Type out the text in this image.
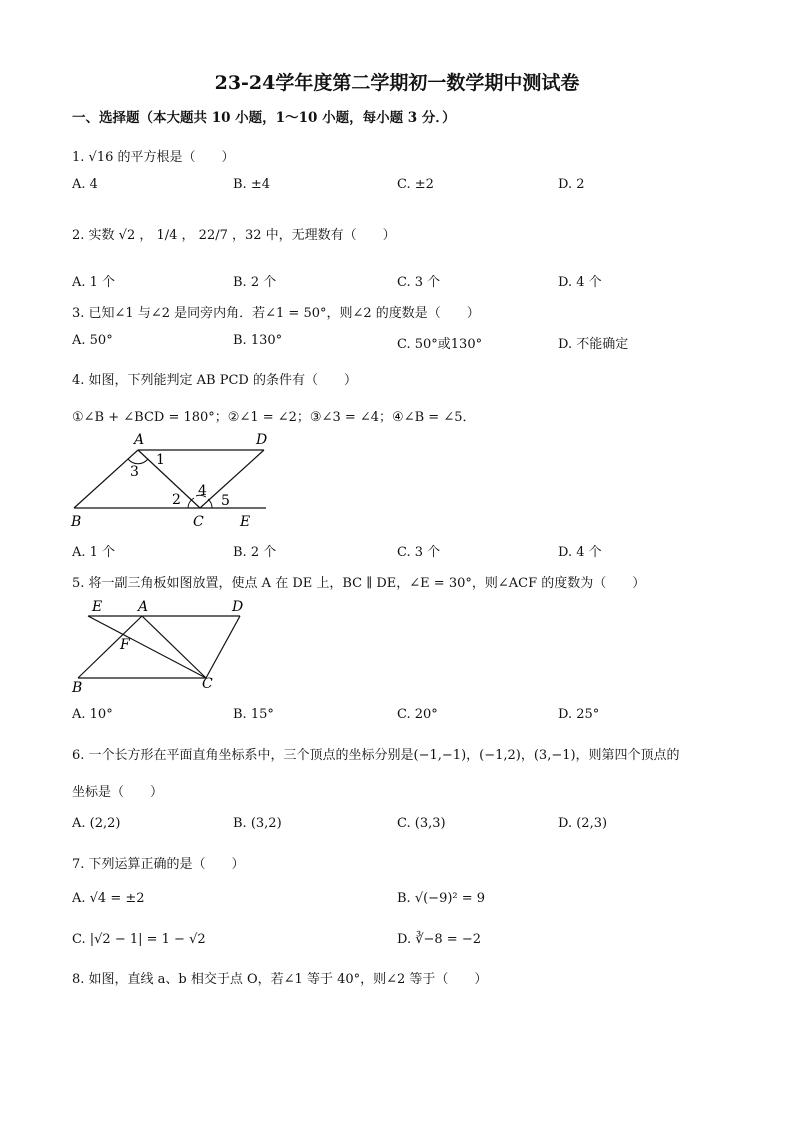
23-24学年度第二学期初一数学期中测试卷
一、选择题（本大题共 10 小题，1～10 小题，每小题 3 分．）
1. √16 的平方根是（　　）
A. 4	B. ±4	C. ±2	D. 2
2. 实数 √2 ， 1/4 ， 22/7 ，32 中，无理数有（　　）
A. 1 个	B. 2 个	C. 3 个	D. 4 个
3. 已知∠1 与∠2 是同旁内角．若∠1 = 50°，则∠2 的度数是（　　）
A. 50°	B. 130°	C. 50°或130°	D. 不能确定
4. 如图，下列能判定 AB PCD 的条件有（　　）
①∠B + ∠BCD = 180°；②∠1 = ∠2；③∠3 = ∠4；④∠B = ∠5．
A	D
1
3
2
4
5
B	C	E
A. 1 个	B. 2 个	C. 3 个	D. 4 个
5. 将一副三角板如图放置，使点 A 在 DE 上，BC ∥ DE，∠E = 30°，则∠ACF 的度数为（　　）
E	A	D
F
B	C
A. 10°	B. 15°	C. 20°	D. 25°
6. 一个长方形在平面直角坐标系中，三个顶点的坐标分别是(−1,−1)，(−1,2)，(3,−1)，则第四个顶点的
坐标是（　　）
A. (2,2)	B. (3,2)	C. (3,3)	D. (2,3)
7. 下列运算正确的是（　　）
A. √4 = ±2	B. √(−9)² = 9
C. |√2 − 1| = 1 − √2	D. ∛−8 = −2
8. 如图，直线 a、b 相交于点 O，若∠1 等于 40°，则∠2 等于（　　）
